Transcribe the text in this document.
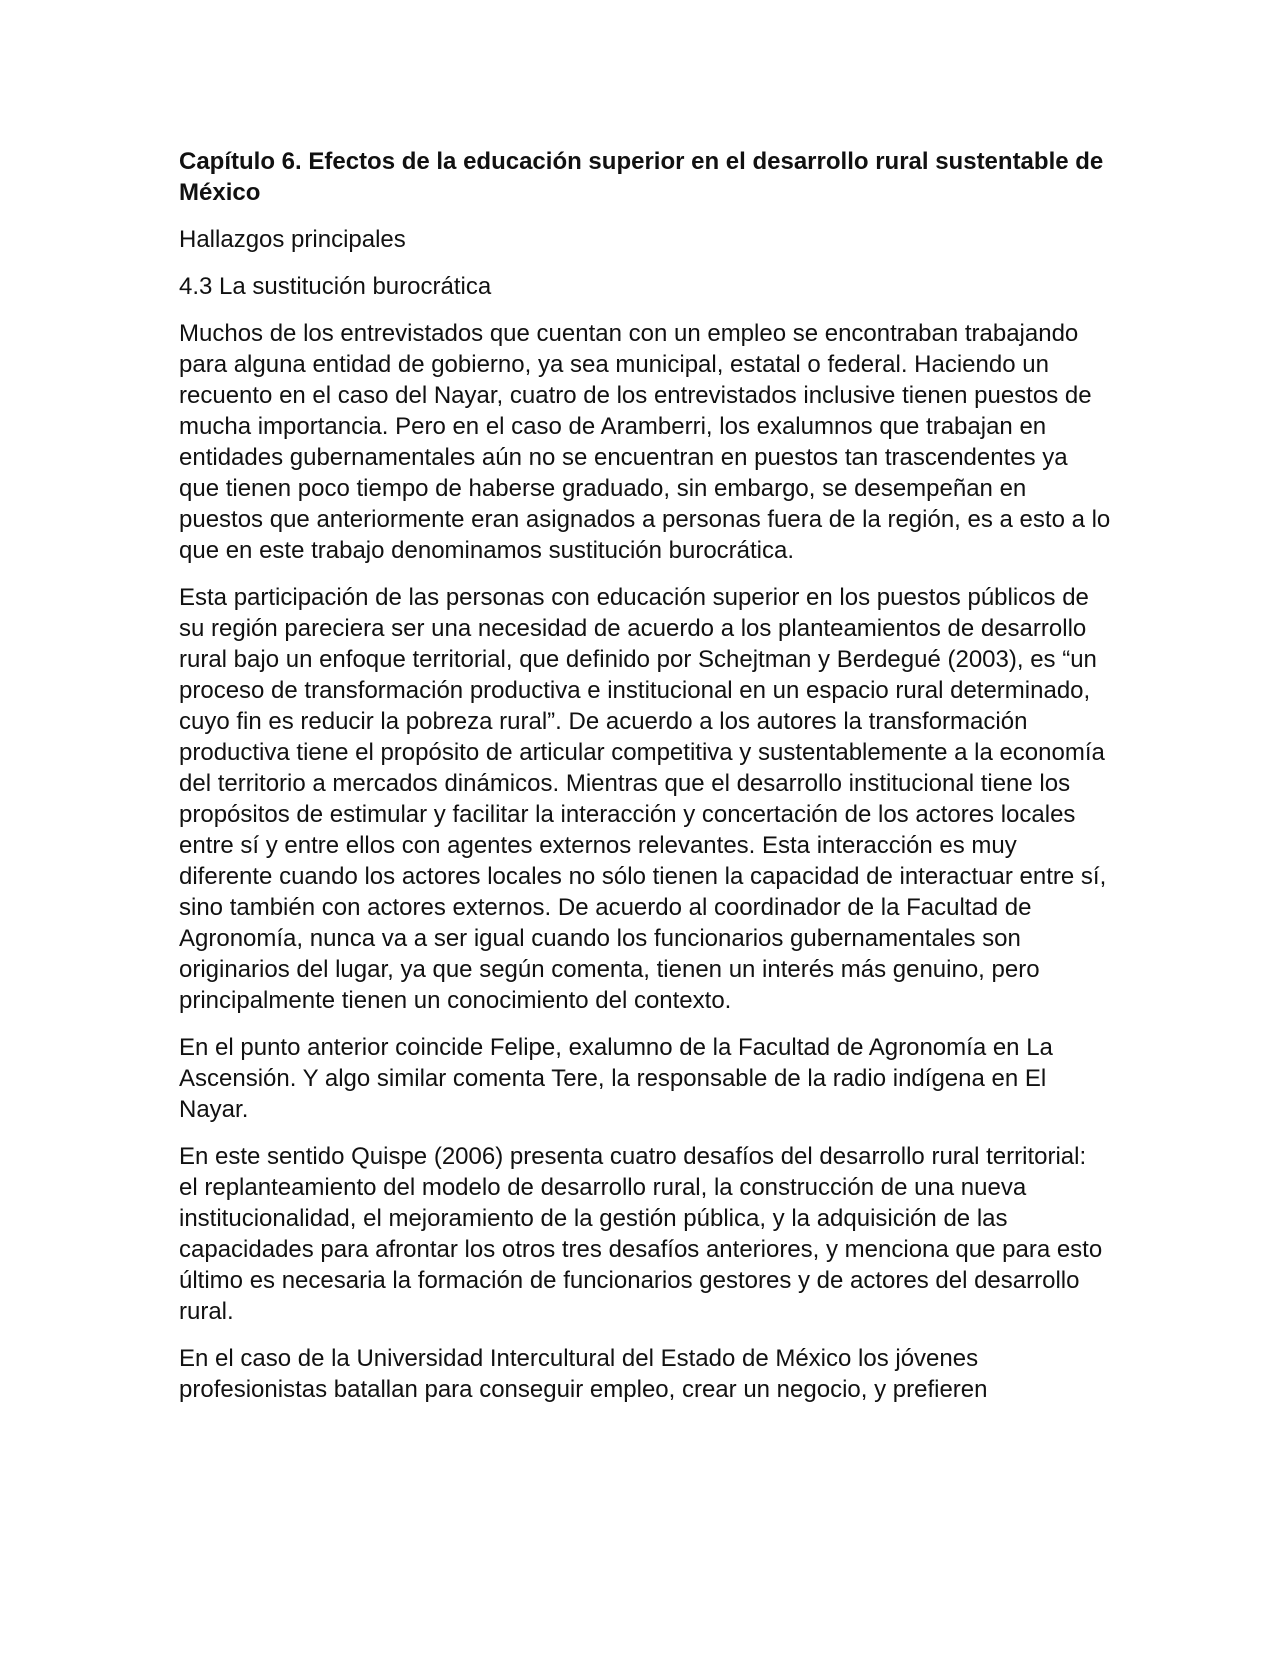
Capítulo 6. Efectos de la educación superior en el desarrollo rural sustentable de México

Hallazgos principales

4.3 La sustitución burocrática

Muchos de los entrevistados que cuentan con un empleo se encontraban trabajando para alguna entidad de gobierno, ya sea municipal, estatal o federal. Haciendo un recuento en el caso del Nayar, cuatro de los entrevistados inclusive tienen puestos de mucha importancia. Pero en el caso de Aramberri, los exalumnos que trabajan en entidades gubernamentales aún no se encuentran en puestos tan trascendentes ya que tienen poco tiempo de haberse graduado, sin embargo, se desempeñan en puestos que anteriormente eran asignados a personas fuera de la región, es a esto a lo que en este trabajo denominamos sustitución burocrática.

Esta participación de las personas con educación superior en los puestos públicos de su región pareciera ser una necesidad de acuerdo a los planteamientos de desarrollo rural bajo un enfoque territorial, que definido por Schejtman y Berdegué (2003), es “un proceso de transformación productiva e institucional en un espacio rural determinado, cuyo fin es reducir la pobreza rural”. De acuerdo a los autores la transformación productiva tiene el propósito de articular competitiva y sustentablemente a la economía del territorio a mercados dinámicos. Mientras que el desarrollo institucional tiene los propósitos de estimular y facilitar la interacción y concertación de los actores locales entre sí y entre ellos con agentes externos relevantes. Esta interacción es muy diferente cuando los actores locales no sólo tienen la capacidad de interactuar entre sí, sino también con actores externos. De acuerdo al coordinador de la Facultad de Agronomía, nunca va a ser igual cuando los funcionarios gubernamentales son originarios del lugar, ya que según comenta, tienen un interés más genuino, pero principalmente tienen un conocimiento del contexto.

En el punto anterior coincide Felipe, exalumno de la Facultad de Agronomía en La Ascensión. Y algo similar comenta Tere, la responsable de la radio indígena en El Nayar.

En este sentido Quispe (2006) presenta cuatro desafíos del desarrollo rural territorial: el replanteamiento del modelo de desarrollo rural, la construcción de una nueva institucionalidad, el mejoramiento de la gestión pública, y la adquisición de las capacidades para afrontar los otros tres desafíos anteriores, y menciona que para esto último es necesaria la formación de funcionarios gestores y de actores del desarrollo rural.

En el caso de la Universidad Intercultural del Estado de México los jóvenes profesionistas batallan para conseguir empleo, crear un negocio, y prefieren
